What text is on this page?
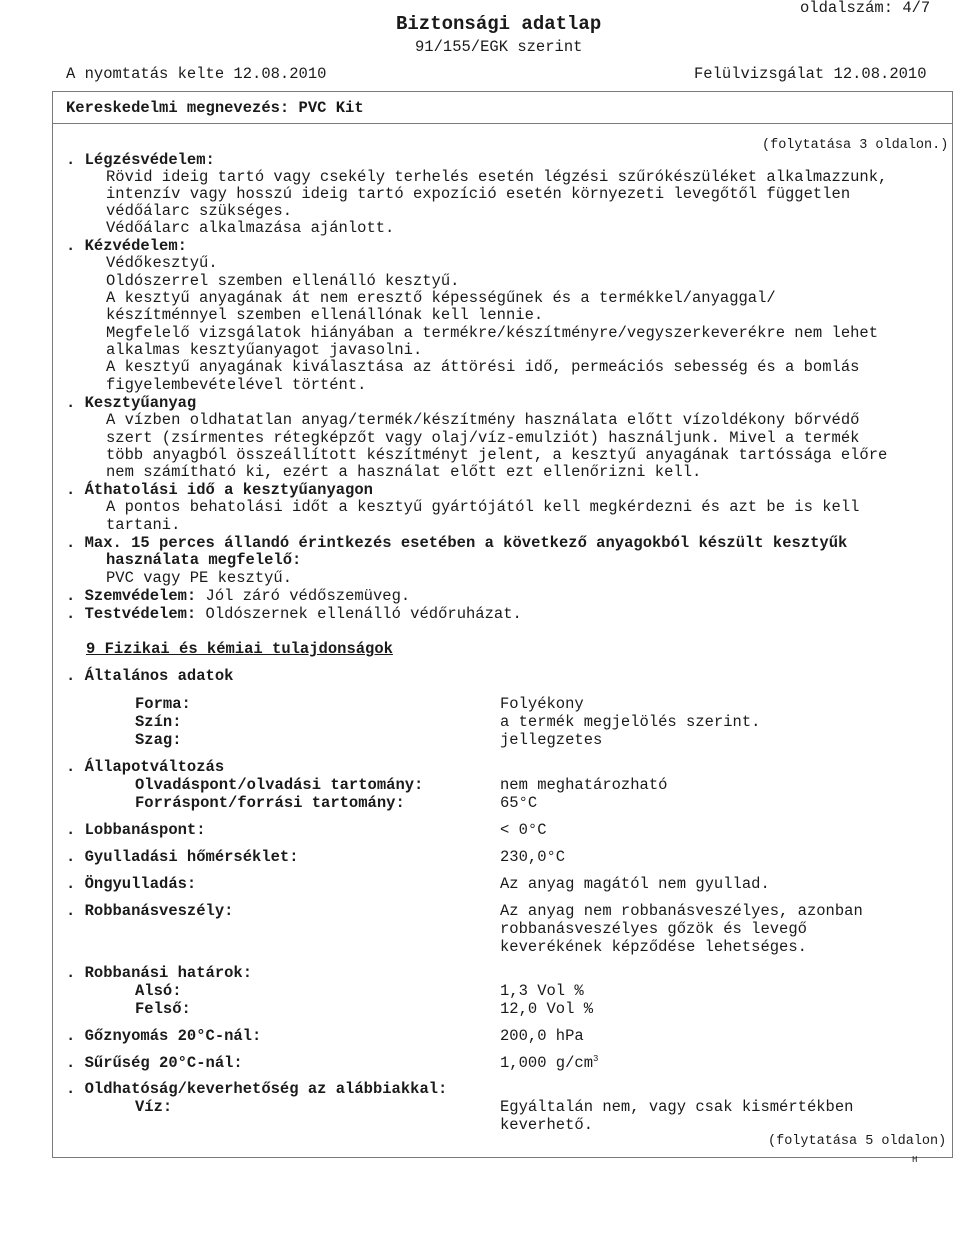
Biztonsági adatlap
91/155/EGK szerint
oldalszám: 4/7
A nyomtatás kelte 12.08.2010	Felülvizsgálat 12.08.2010
Kereskedelmi megnevezés: PVC Kit
(folytatása 3 oldalon.)
. Légzésvédelem:
Rövid ideig tartó vagy csekély terhelés esetén légzési szűrókészüléket alkalmazzunk,
intenzív vagy hosszú ideig tartó expozíció esetén környezeti levegőtől független
védőálarc szükséges.
Védőálarc alkalmazása ajánlott.
. Kézvédelem:
Védőkesztyű.
Oldószerrel szemben ellenálló kesztyű.
A kesztyű anyagának át nem eresztő képességűnek és a termékkel/anyaggal/
készítménnyel szemben ellenállónak kell lennie.
Megfelelő vizsgálatok hiányában a termékre/készítményre/vegyszerkeverékre nem lehet
alkalmas kesztyűanyagot javasolni.
A kesztyű anyagának kiválasztása az áttörési idő, permeációs sebesség és a bomlás
figyelembevételével történt.
. Kesztyűanyag
A vízben oldhatatlan anyag/termék/készítmény használata előtt vízoldékony bőrvédő
szert (zsírmentes rétegképzőt vagy olaj/víz-emulziót) használjunk. Mivel a termék
több anyagból összeállított készítményt jelent, a kesztyű anyagának tartóssága előre
nem számítható ki, ezért a használat előtt ezt ellenőrizni kell.
. Áthatolási idő a kesztyűanyagon
A pontos behatolási időt a kesztyű gyártójától kell megkérdezni és azt be is kell
tartani.
. Max. 15 perces állandó érintkezés esetében a következő anyagokból készült kesztyűk
használata megfelelő:
PVC vagy PE kesztyű.
. Szemvédelem: Jól záró védőszemüveg.
. Testvédelem: Oldószernek ellenálló védőruházat.
9 Fizikai és kémiai tulajdonságok
. Általános adatok
Forma:	Folyékony
Szín:	a termék megjelölés szerint.
Szag:	jellegzetes
. Állapotváltozás
Olvadáspont/olvadási tartomány:	nem meghatározható
Forráspont/forrási tartomány:	65°C
. Lobbanáspont:	< 0°C
. Gyulladási hőmérséklet:	230,0°C
. Öngyulladás:	Az anyag magától nem gyullad.
. Robbanásveszély:	Az anyag nem robbanásveszélyes, azonban
robbanásveszélyes gőzök és levegő
keverékének képződése lehetséges.
. Robbanási határok:
Alsó:	1,3 Vol %
Felső:	12,0 Vol %
. Gőznyomás 20°C-nál:	200,0 hPa
. Sűrűség 20°C-nál:	1,000 $g/cm^3$
. Oldhatóság/keverhetőség az alábbiakkal:
Víz:	Egyáltalán nem, vagy csak kismértékben
keverhető.
(folytatása 5 oldalon)
H
